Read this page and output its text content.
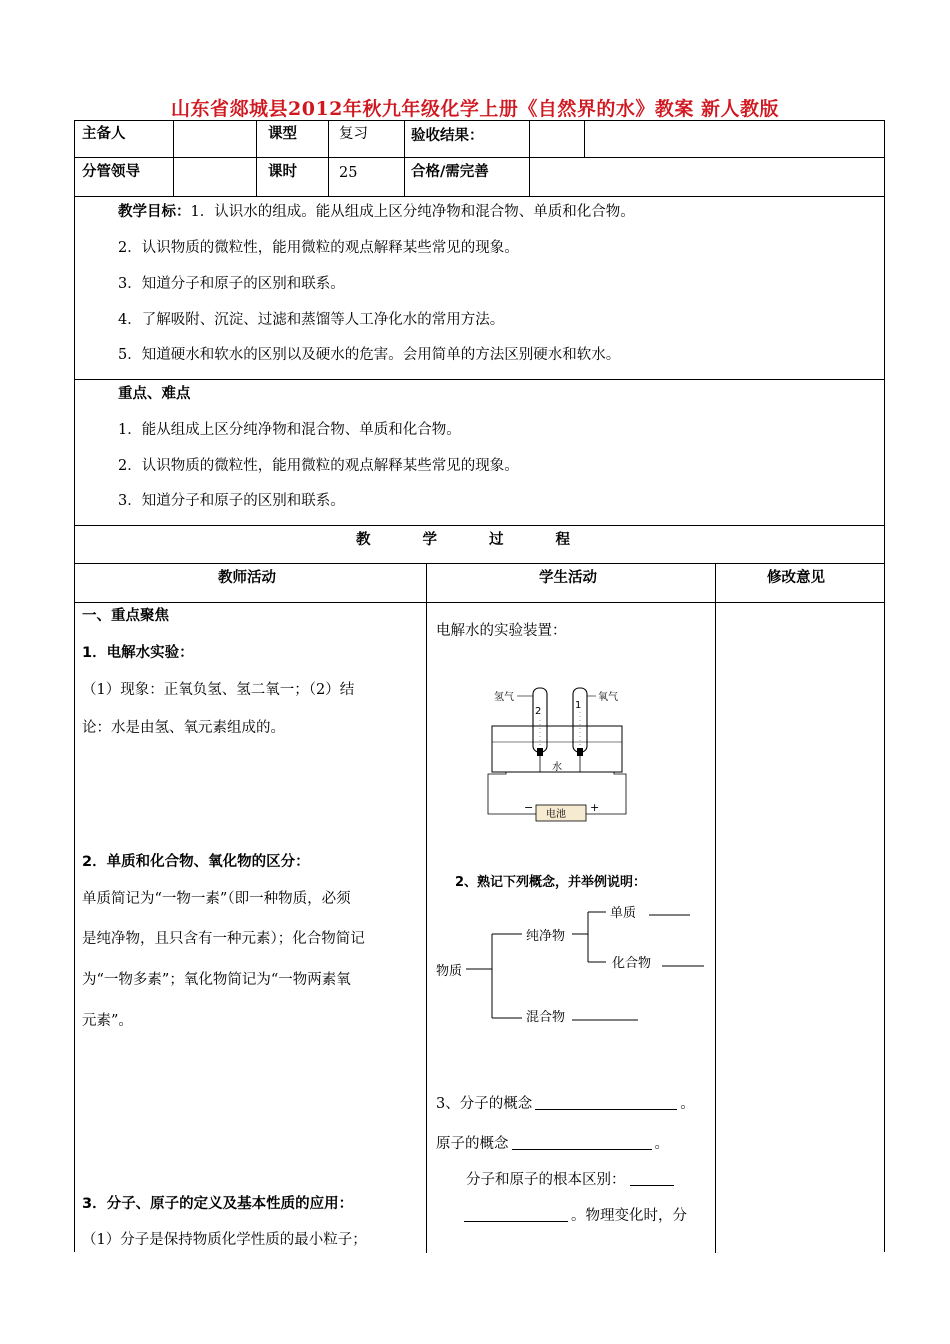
山东省郯城县2012年秋九年级化学上册《自然界的水》教案 新人教版
主备人	课型	复习	验收结果：
分管领导	课时	25	合格/需完善
教学目标：1．认识水的组成。能从组成上区分纯净物和混合物、单质和化合物。
2．认识物质的微粒性，能用微粒的观点解释某些常见的现象。
3．知道分子和原子的区别和联系。
4．了解吸附、沉淀、过滤和蒸馏等人工净化水的常用方法。
5．知道硬水和软水的区别以及硬水的危害。会用简单的方法区别硬水和软水。
重点、难点
1．能从组成上区分纯净物和混合物、单质和化合物。
2．认识物质的微粒性，能用微粒的观点解释某些常见的现象。
3．知道分子和原子的区别和联系。
教学过程
教师活动	学生活动	修改意见
一、重点聚焦
1．电解水实验：
（1）现象：正氧负氢、氢二氧一；（2）结
论：水是由氢、氧元素组成的。
2．单质和化合物、氧化物的区分：
单质简记为“一物一素”（即一种物质，必须
是纯净物，且只含有一种元素）；化合物简记
为“一物多素”；氧化物简记为“一物两素氧
元素”。
3．分子、原子的定义及基本性质的应用：
（1）分子是保持物质化学性质的最小粒子；
电解水的实验装置：
2
1
氢气	氧气
水
电池
−	+
2、熟记下列概念，并举例说明：
物质
纯净物
单质
化合物
混合物
3、分子的概念	。
原子的概念	。
分子和原子的根本区别：
。物理变化时，分
